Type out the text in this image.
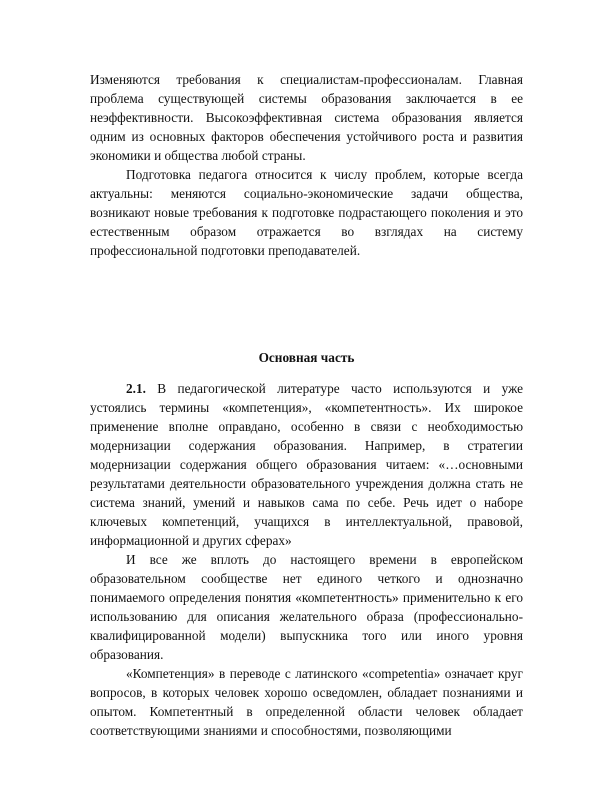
Изменяются требования к специалистам-профессионалам. Главная проблема существующей системы образования заключается в ее неэффективности. Высокоэффективная система образования является одним из основных факторов обеспечения устойчивого роста и развития экономики и общества любой страны.

Подготовка педагога относится к числу проблем, которые всегда актуальны: меняются социально-экономические задачи общества, возникают новые требования к подготовке подрастающего поколения и это естественным образом отражается во взглядах на систему профессиональной подготовки преподавателей.

Основная часть

2.1. В педагогической литературе часто используются и уже устоялись термины «компетенция», «компетентность». Их широкое применение вполне оправдано, особенно в связи с необходимостью модернизации содержания образования. Например, в стратегии модернизации содержания общего образования читаем: «…основными результатами деятельности образовательного учреждения должна стать не система знаний, умений и навыков сама по себе. Речь идет о наборе ключевых компетенций, учащихся в интеллектуальной, правовой, информационной и других сферах»

И все же вплоть до настоящего времени в европейском образовательном сообществе нет единого четкого и однозначно понимаемого определения понятия «компетентность» применительно к его использованию для описания желательного образа (профессионально-квалифицированной модели) выпускника того или иного уровня образования.

«Компетенция» в переводе с латинского «competentia» означает круг вопросов, в которых человек хорошо осведомлен, обладает познаниями и опытом. Компетентный в определенной области человек обладает соответствующими знаниями и способностями, позволяющими
